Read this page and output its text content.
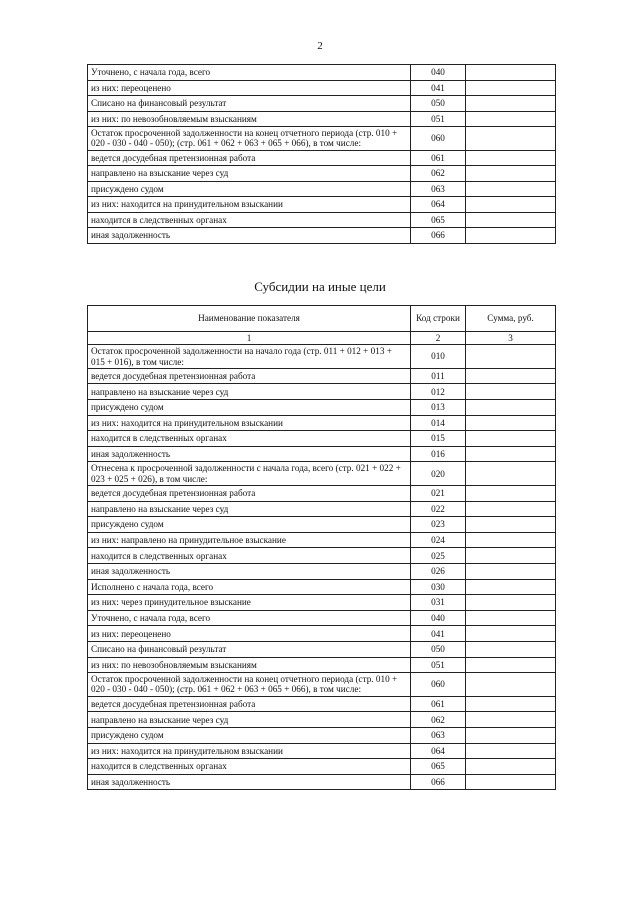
2
Уточнено, с начала года, всего	040	
из них: переоценено	041	
Списано на финансовый результат	050	
из них: по невозобновляемым взысканиям	051	
Остаток просроченной задолженности на конец отчетного периода (стр. 010 + 020 - 030 - 040 - 050); (стр. 061 + 062 + 063 + 065 + 066), в том числе:	060	
ведется досудебная претензионная работа	061	
направлено на взыскание через суд	062	
присуждено судом	063	
из них: находится на принудительном взыскании	064	
находится в следственных органах	065	
иная задолженность	066	
Субсидии на иные цели
Наименование показателя	Код строки	Сумма, руб.
1	2	3
Остаток просроченной задолженности на начало года (стр. 011 + 012 + 013 + 015 + 016), в том числе:	010	
ведется досудебная претензионная работа	011	
направлено на взыскание через суд	012	
присуждено судом	013	
из них: находится на принудительном взыскании	014	
находится в следственных органах	015	
иная задолженность	016	
Отнесена к просроченной задолженности с начала года, всего (стр. 021 + 022 + 023 + 025 + 026), в том числе:	020	
ведется досудебная претензионная работа	021	
направлено на взыскание через суд	022	
присуждено судом	023	
из них: направлено на принудительное взыскание	024	
находится в следственных органах	025	
иная задолженность	026	
Исполнено с начала года, всего	030	
из них: через принудительное взыскание	031	
Уточнено, с начала года, всего	040	
из них: переоценено	041	
Списано на финансовый результат	050	
из них: по невозобновляемым взысканиям	051	
Остаток просроченной задолженности на конец отчетного периода (стр. 010 + 020 - 030 - 040 - 050); (стр. 061 + 062 + 063 + 065 + 066), в том числе:	060	
ведется досудебная претензионная работа	061	
направлено на взыскание через суд	062	
присуждено судом	063	
из них: находится на принудительном взыскании	064	
находится в следственных органах	065	
иная задолженность	066	
